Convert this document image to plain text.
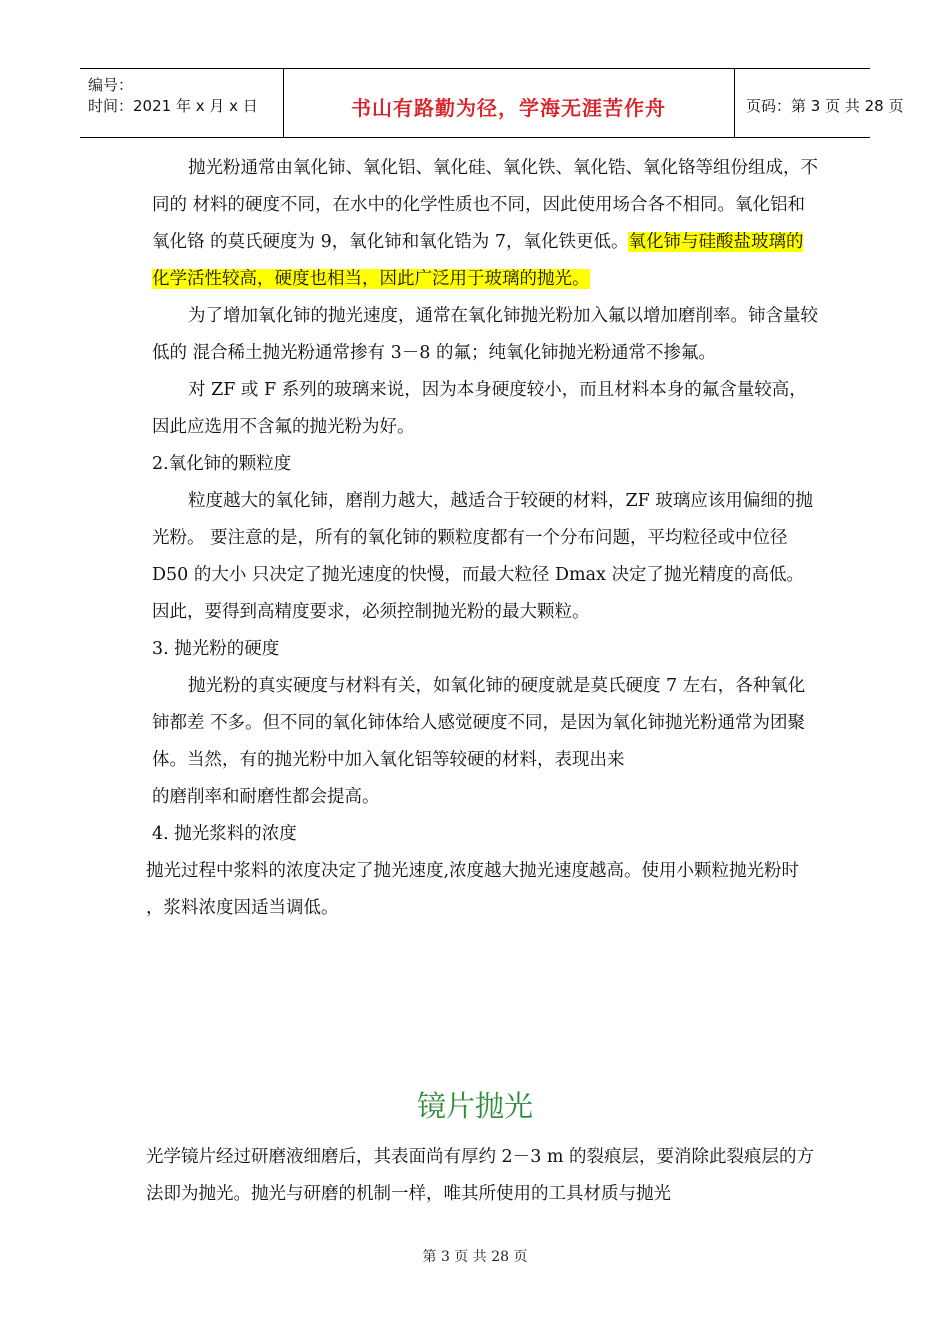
编号：
时间：2021 年 x 月 x 日	书山有路勤为径，学海无涯苦作舟	页码：第 3 页 共 28 页

抛光粉通常由氧化铈、氧化铝、氧化硅、氧化铁、氧化锆、氧化铬等组份组成，不同的 材料的硬度不同，在水中的化学性质也不同，因此使用场合各不相同。氧化铝和氧化铬 的莫氏硬度为 9，氧化铈和氧化锆为 7，氧化铁更低。氧化铈与硅酸盐玻璃的化学活性较高，硬度也相当，因此广泛用于玻璃的抛光。

为了增加氧化铈的抛光速度，通常在氧化铈抛光粉加入氟以增加磨削率。铈含量较低的 混合稀土抛光粉通常掺有 3－8 的氟；纯氧化铈抛光粉通常不掺氟。

对 ZF 或 F 系列的玻璃来说，因为本身硬度较小，而且材料本身的氟含量较高，因此应选用不含氟的抛光粉为好。

2.氧化铈的颗粒度

粒度越大的氧化铈，磨削力越大，越适合于较硬的材料，ZF 玻璃应该用偏细的抛光粉。 要注意的是，所有的氧化铈的颗粒度都有一个分布问题，平均粒径或中位径 D50 的大小 只决定了抛光速度的快慢，而最大粒径 Dmax 决定了抛光精度的高低。因此，要得到高精度要求，必须控制抛光粉的最大颗粒。

3. 抛光粉的硬度

抛光粉的真实硬度与材料有关，如氧化铈的硬度就是莫氏硬度 7 左右，各种氧化铈都差 不多。但不同的氧化铈体给人感觉硬度不同，是因为氧化铈抛光粉通常为团聚体。当然，有的抛光粉中加入氧化铝等较硬的材料，表现出来

的磨削率和耐磨性都会提高。

4. 抛光浆料的浓度

抛光过程中浆料的浓度决定了抛光速度,浓度越大抛光速度越高。使用小颗粒抛光粉时 ，浆料浓度因适当调低。

镜片抛光

光学镜片经过研磨液细磨后，其表面尚有厚约 2－3 m 的裂痕层，要消除此裂痕层的方法即为抛光。抛光与研磨的机制一样，唯其所使用的工具材质与抛光

第 3 页 共 28 页
